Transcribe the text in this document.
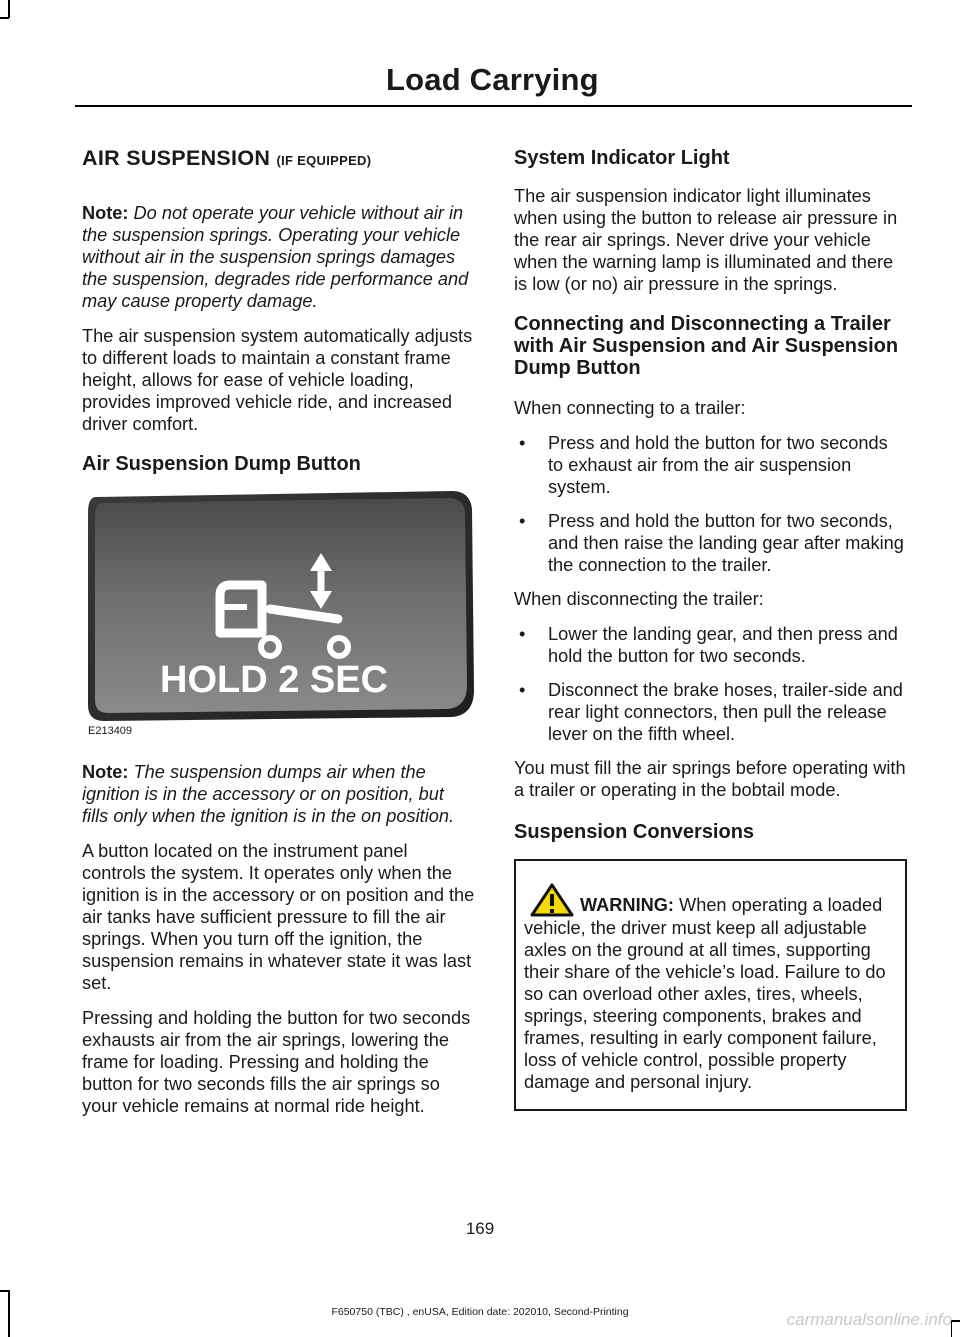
Load Carrying
AIR SUSPENSION (IF EQUIPPED)

Note: Do not operate your vehicle without air in the suspension springs. Operating your vehicle without air in the suspension springs damages the suspension, degrades ride performance and may cause property damage.

The air suspension system automatically adjusts to different loads to maintain a constant frame height, allows for ease of vehicle loading, provides improved vehicle ride, and increased driver comfort.

Air Suspension Dump Button
HOLD 2 SEC
E213409

Note: The suspension dumps air when the ignition is in the accessory or on position, but fills only when the ignition is in the on position.

A button located on the instrument panel controls the system. It operates only when the ignition is in the accessory or on position and the air tanks have sufficient pressure to fill the air springs. When you turn off the ignition, the suspension remains in whatever state it was last set.

Pressing and holding the button for two seconds exhausts air from the air springs, lowering the frame for loading. Pressing and holding the button for two seconds fills the air springs so your vehicle remains at normal ride height.

System Indicator Light

The air suspension indicator light illuminates when using the button to release air pressure in the rear air springs. Never drive your vehicle when the warning lamp is illuminated and there is low (or no) air pressure in the springs.

Connecting and Disconnecting a Trailer with Air Suspension and Air Suspension Dump Button

When connecting to a trailer:

• Press and hold the button for two seconds to exhaust air from the air suspension system.
• Press and hold the button for two seconds, and then raise the landing gear after making the connection to the trailer.

When disconnecting the trailer:

• Lower the landing gear, and then press and hold the button for two seconds.
• Disconnect the brake hoses, trailer-side and rear light connectors, then pull the release lever on the fifth wheel.

You must fill the air springs before operating with a trailer or operating in the bobtail mode.

Suspension Conversions

WARNING: When operating a loaded vehicle, the driver must keep all adjustable axles on the ground at all times, supporting their share of the vehicle’s load. Failure to do so can overload other axles, tires, wheels, springs, steering components, brakes and frames, resulting in early component failure, loss of vehicle control, possible property damage and personal injury.

169
F650750 (TBC) , enUSA, Edition date: 202010, Second-Printing	carmanualsonline.info
